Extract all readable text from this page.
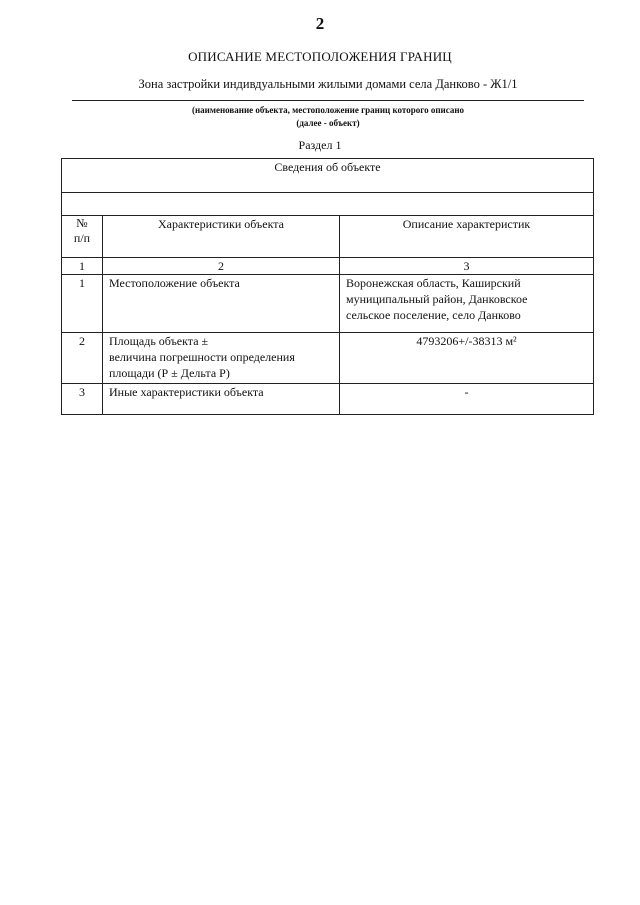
2
ОПИСАНИЕ МЕСТОПОЛОЖЕНИЯ ГРАНИЦ
Зона застройки индивдуальными жилыми домами села Данково - Ж1/1
(наименование объекта, местоположение границ которого описано
(далее - объект)
Раздел 1
Сведения об объекте		

№
п/п	Характеристики объекта	Описание характеристик
1	2	3
1	Местоположение объекта	Воронежская область, Каширский
муниципальный район, Данковское
сельское поселение, село Данково

2	Площадь объекта ±
величина погрешности определения
площади (Р ± Дельта Р)	4793206+/-38313 м²

3	Иные характеристики объекта	-
